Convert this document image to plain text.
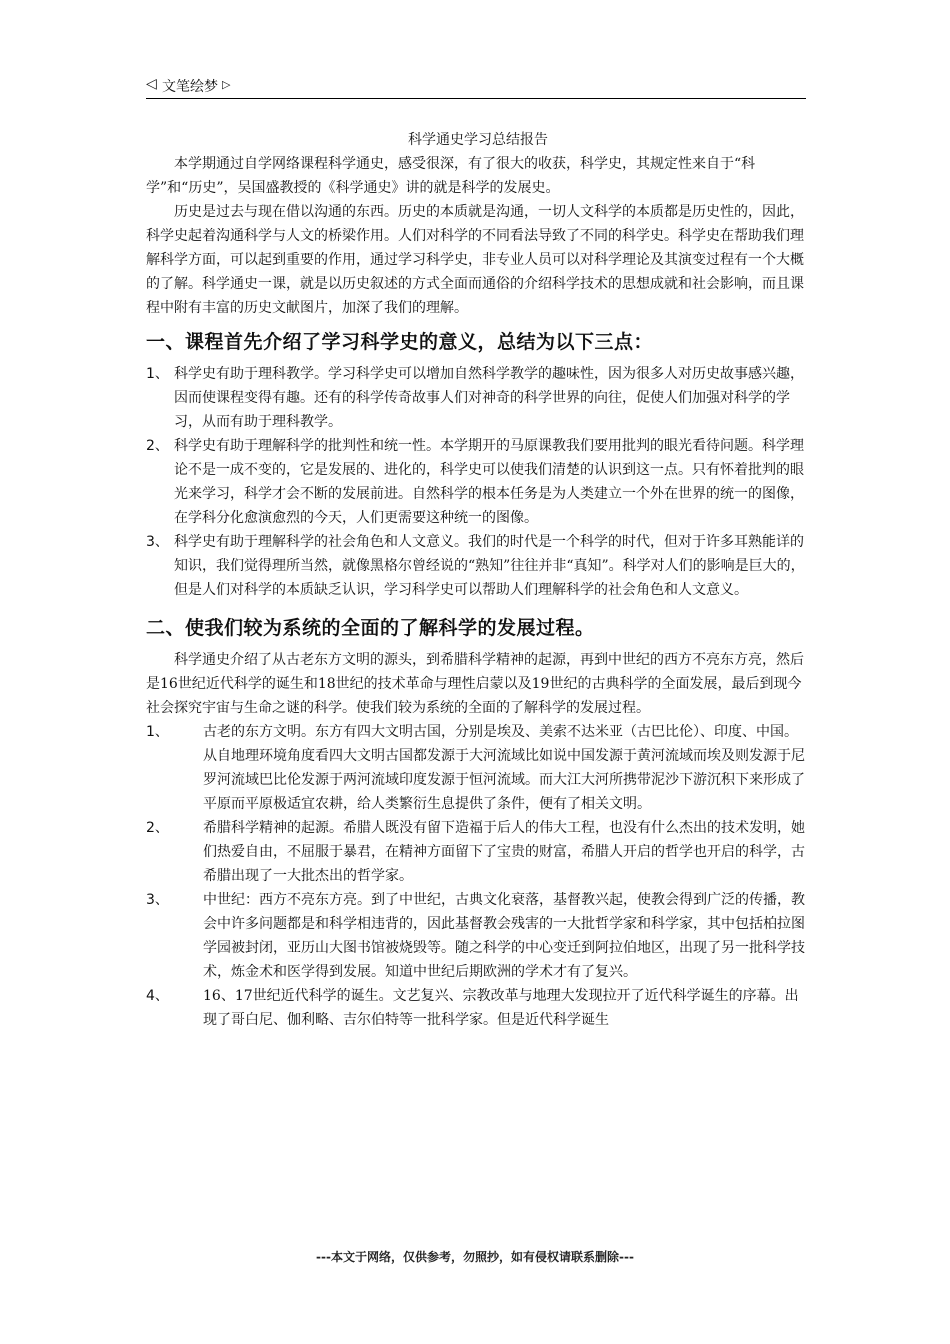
◁ 文笔绘梦 ▷

科学通史学习总结报告

本学期通过自学网络课程科学通史，感受很深，有了很大的收获，科学史，其规定性来自于“科学”和“历史”，吴国盛教授的《科学通史》讲的就是科学的发展史。

历史是过去与现在借以沟通的东西。历史的本质就是沟通，一切人文科学的本质都是历史性的，因此，科学史起着沟通科学与人文的桥梁作用。人们对科学的不同看法导致了不同的科学史。科学史在帮助我们理解科学方面，可以起到重要的作用，通过学习科学史，非专业人员可以对科学理论及其演变过程有一个大概的了解。科学通史一课，就是以历史叙述的方式全面而通俗的介绍科学技术的思想成就和社会影响，而且课程中附有丰富的历史文献图片，加深了我们的理解。

一、课程首先介绍了学习科学史的意义，总结为以下三点：
1、 科学史有助于理科教学。学习科学史可以增加自然科学教学的趣味性，因为很多人对历史故事感兴趣，因而使课程变得有趣。还有的科学传奇故事人们对神奇的科学世界的向往，促使人们加强对科学的学习，从而有助于理科教学。
2、 科学史有助于理解科学的批判性和统一性。本学期开的马原课教我们要用批判的眼光看待问题。科学理论不是一成不变的，它是发展的、进化的，科学史可以使我们清楚的认识到这一点。只有怀着批判的眼光来学习，科学才会不断的发展前进。自然科学的根本任务是为人类建立一个外在世界的统一的图像，在学科分化愈演愈烈的今天，人们更需要这种统一的图像。
3、 科学史有助于理解科学的社会角色和人文意义。我们的时代是一个科学的时代，但对于许多耳熟能详的知识，我们觉得理所当然，就像黑格尔曾经说的“熟知”往往并非“真知”。科学对人们的影响是巨大的，但是人们对科学的本质缺乏认识，学习科学史可以帮助人们理解科学的社会角色和人文意义。
二、使我们较为系统的全面的了解科学的发展过程。

科学通史介绍了从古老东方文明的源头，到希腊科学精神的起源，再到中世纪的西方不亮东方亮，然后是16世纪近代科学的诞生和18世纪的技术革命与理性启蒙以及19世纪的古典科学的全面发展，最后到现今社会探究宇宙与生命之谜的科学。使我们较为系统的全面的了解科学的发展过程。

1、 古老的东方文明。东方有四大文明古国，分别是埃及、美索不达米亚（古巴比伦）、印度、中国。从自地理环境角度看四大文明古国都发源于大河流域比如说中国发源于黄河流域而埃及则发源于尼罗河流域巴比伦发源于两河流域印度发源于恒河流域。而大江大河所携带泥沙下游沉积下来形成了平原而平原极适宜农耕，给人类繁衍生息提供了条件，便有了相关文明。
2、 希腊科学精神的起源。希腊人既没有留下造福于后人的伟大工程，也没有什么杰出的技术发明，她们热爱自由，不屈服于暴君，在精神方面留下了宝贵的财富，希腊人开启的哲学也开启的科学，古希腊出现了一大批杰出的哲学家。
3、 中世纪：西方不亮东方亮。到了中世纪，古典文化衰落，基督教兴起，使教会得到广泛的传播，教会中许多问题都是和科学相违背的，因此基督教会残害的一大批哲学家和科学家，其中包括柏拉图学园被封闭，亚历山大图书馆被烧毁等。随之科学的中心变迁到阿拉伯地区，出现了另一批科学技术，炼金术和医学得到发展。知道中世纪后期欧洲的学术才有了复兴。
4、 16、17世纪近代科学的诞生。文艺复兴、宗教改革与地理大发现拉开了近代科学诞生的序幕。出现了哥白尼、伽利略、吉尔伯特等一批科学家。但是近代科学诞生
---本文于网络，仅供参考，勿照抄，如有侵权请联系删除---
